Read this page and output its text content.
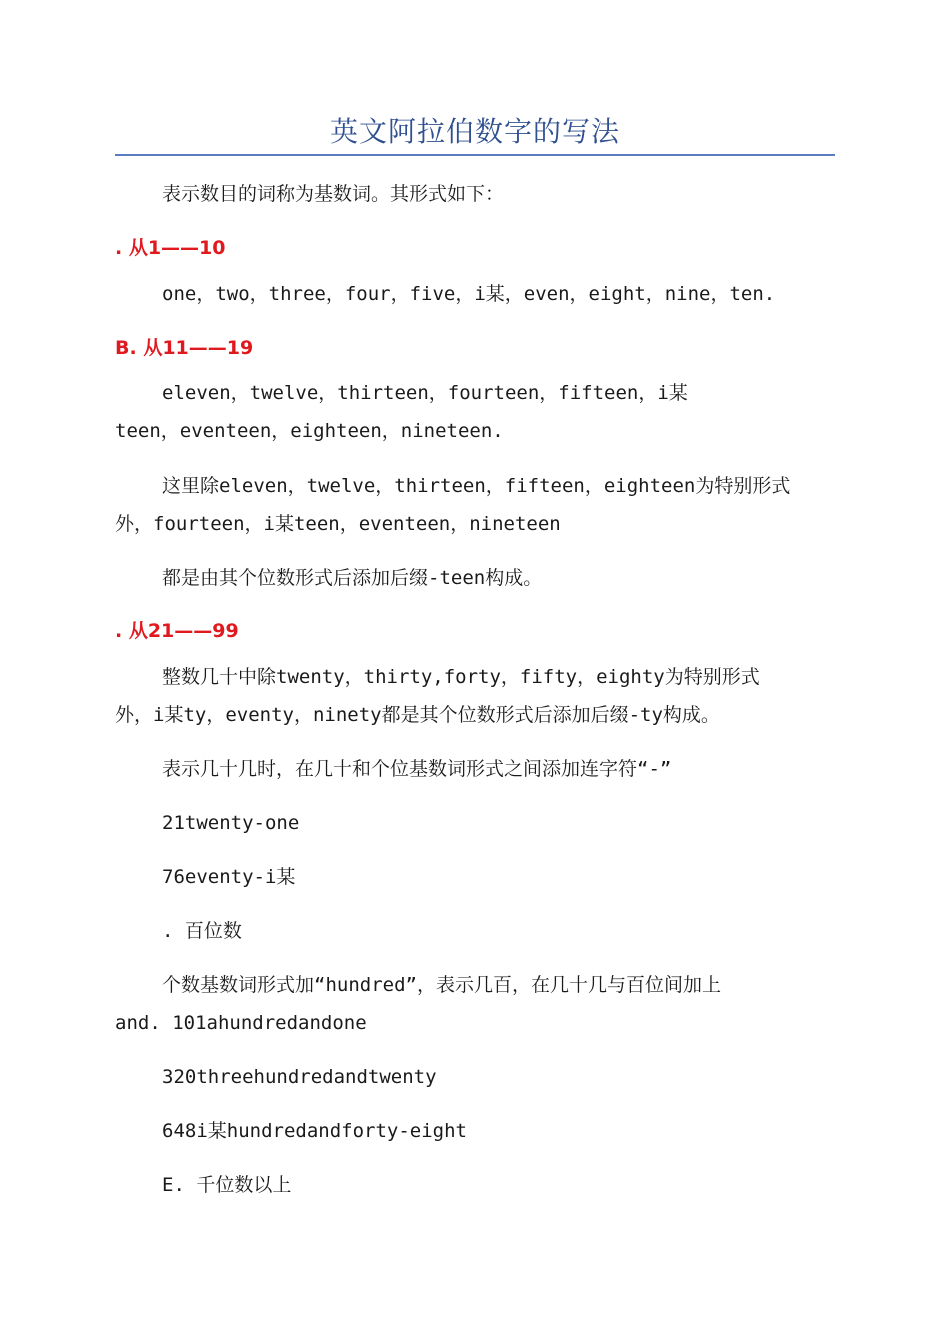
英文阿拉伯数字的写法
表示数目的词称为基数词。其形式如下：
. 从1——10
one，two，three，four，five，i某，even，eight，nine，ten.
B. 从11——19
eleven，twelve，thirteen，fourteen，fifteen，i某
teen，eventeen，eighteen，nineteen.
这里除eleven，twelve，thirteen，fifteen，eighteen为特别形式
外，fourteen，i某teen，eventeen，nineteen
都是由其个位数形式后添加后缀-teen构成。
. 从21——99
整数几十中除twenty，thirty,forty，fifty，eighty为特别形式
外，i某ty，eventy，ninety都是其个位数形式后添加后缀-ty构成。
表示几十几时，在几十和个位基数词形式之间添加连字符“-”
21twenty-one
76eventy-i某
. 百位数
个数基数词形式加“hundred”，表示几百，在几十几与百位间加上
and. 101ahundredandone
320threehundredandtwenty
648i某hundredandforty-eight
E. 千位数以上
